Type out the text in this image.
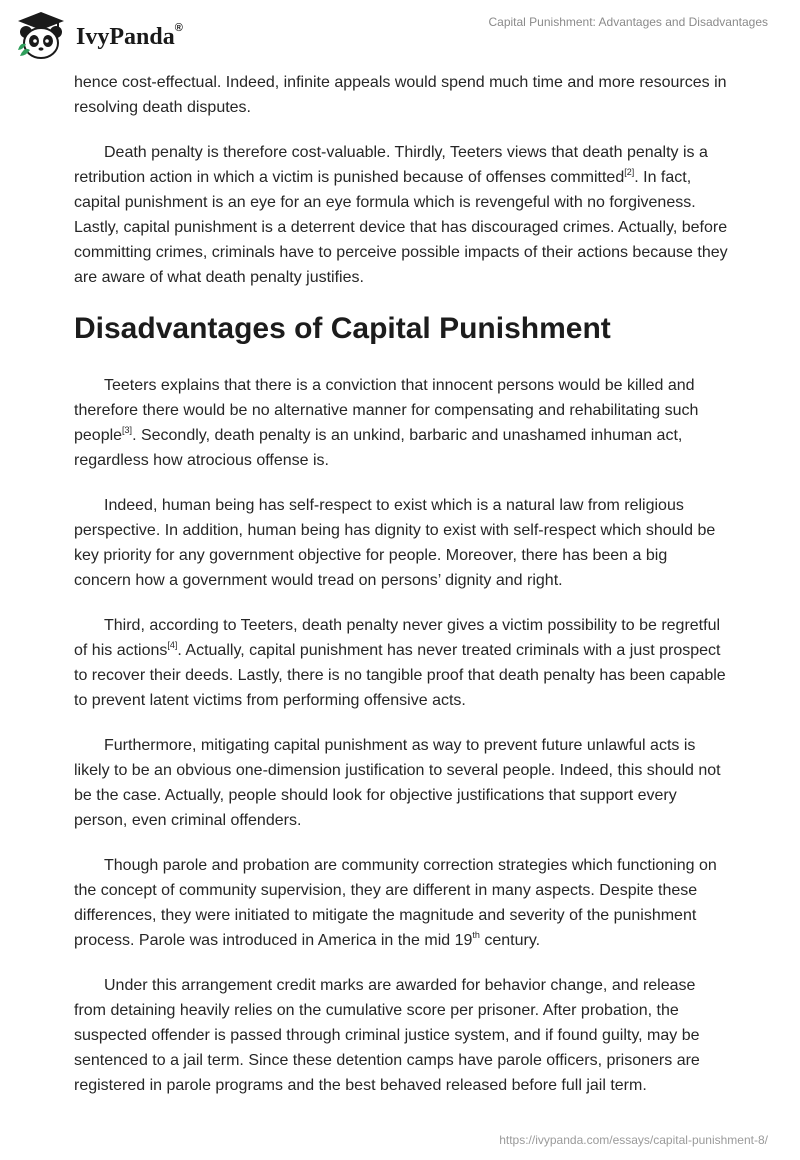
IvyPanda®	Capital Punishment: Advantages and Disadvantages

hence cost-effectual. Indeed, infinite appeals would spend much time and more resources in resolving death disputes.

Death penalty is therefore cost-valuable. Thirdly, Teeters views that death penalty is a retribution action in which a victim is punished because of offenses committed[2]. In fact, capital punishment is an eye for an eye formula which is revengeful with no forgiveness. Lastly, capital punishment is a deterrent device that has discouraged crimes. Actually, before committing crimes, criminals have to perceive possible impacts of their actions because they are aware of what death penalty justifies.

Disadvantages of Capital Punishment

Teeters explains that there is a conviction that innocent persons would be killed and therefore there would be no alternative manner for compensating and rehabilitating such people[3]. Secondly, death penalty is an unkind, barbaric and unashamed inhuman act, regardless how atrocious offense is.

Indeed, human being has self-respect to exist which is a natural law from religious perspective. In addition, human being has dignity to exist with self-respect which should be key priority for any government objective for people. Moreover, there has been a big concern how a government would tread on persons’ dignity and right.

Third, according to Teeters, death penalty never gives a victim possibility to be regretful of his actions[4]. Actually, capital punishment has never treated criminals with a just prospect to recover their deeds. Lastly, there is no tangible proof that death penalty has been capable to prevent latent victims from performing offensive acts.

Furthermore, mitigating capital punishment as way to prevent future unlawful acts is likely to be an obvious one-dimension justification to several people. Indeed, this should not be the case. Actually, people should look for objective justifications that support every person, even criminal offenders.

Though parole and probation are community correction strategies which functioning on the concept of community supervision, they are different in many aspects. Despite these differences, they were initiated to mitigate the magnitude and severity of the punishment process. Parole was introduced in America in the mid 19th century.

Under this arrangement credit marks are awarded for behavior change, and release from detaining heavily relies on the cumulative score per prisoner. After probation, the suspected offender is passed through criminal justice system, and if found guilty, may be sentenced to a jail term. Since these detention camps have parole officers, prisoners are registered in parole programs and the best behaved released before full jail term.

https://ivypanda.com/essays/capital-punishment-8/
